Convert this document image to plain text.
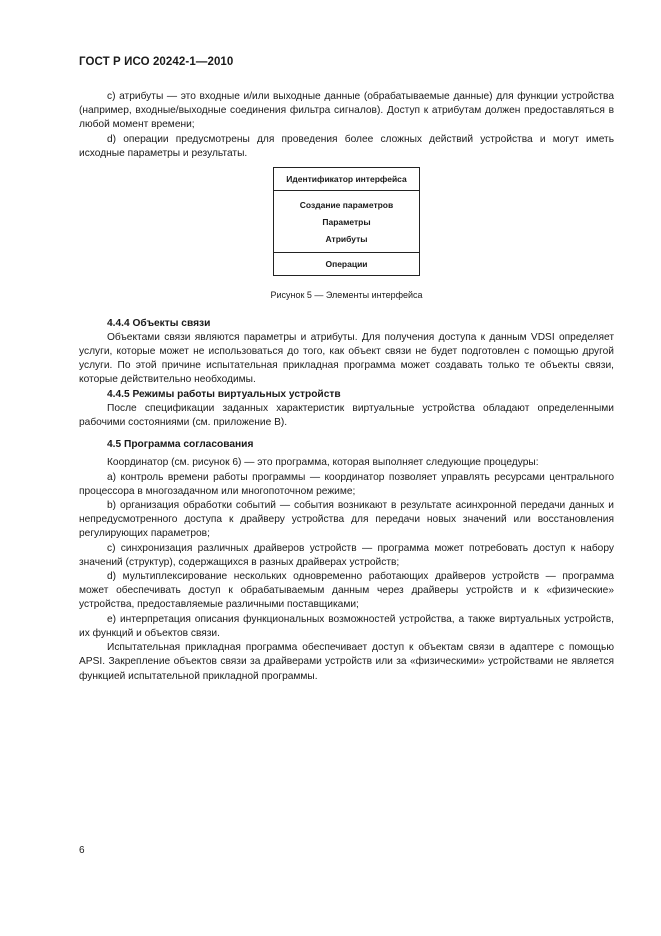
ГОСТ Р ИСО 20242-1—2010

c) атрибуты — это входные и/или выходные данные (обрабатываемые данные) для функции устройства (например, входные/выходные соединения фильтра сигналов). Доступ к атрибутам должен предоставляться в любой момент времени;

d) операции предусмотрены для проведения более сложных действий устройства и могут иметь исходные параметры и результаты.

Идентификатор интерфейса
Создание параметров
Параметры
Атрибуты
Операции
Рисунок 5 — Элементы интерфейса

4.4.4 Объекты связи

Объектами связи являются параметры и атрибуты. Для получения доступа к данным VDSI определяет услуги, которые может не использоваться до того, как объект связи не будет подготовлен с помощью другой услуги. По этой причине испытательная прикладная программа может создавать только те объекты связи, которые действительно необходимы.

4.4.5 Режимы работы виртуальных устройств

После спецификации заданных характеристик виртуальные устройства обладают определенными рабочими состояниями (см. приложение В).

4.5 Программа согласования

Координатор (см. рисунок 6) — это программа, которая выполняет следующие процедуры:

a) контроль времени работы программы — координатор позволяет управлять ресурсами центрального процессора в многозадачном или многопоточном режиме;

b) организация обработки событий — события возникают в результате асинхронной передачи данных и непредусмотренного доступа к драйверу устройства для передачи новых значений или восстановления регулирующих параметров;

c) синхронизация различных драйверов устройств — программа может потребовать доступ к набору значений (структур), содержащихся в разных драйверах устройств;

d) мультиплексирование нескольких одновременно работающих драйверов устройств — программа может обеспечивать доступ к обрабатываемым данным через драйверы устройств и к «физические» устройства, предоставляемые различными поставщиками;

e) интерпретация описания функциональных возможностей устройства, а также виртуальных устройств, их функций и объектов связи.

Испытательная прикладная программа обеспечивает доступ к объектам связи в адаптере с помощью APSI. Закрепление объектов связи за драйверами устройств или за «физическими» устройствами не является функцией испытательной прикладной программы.

6
